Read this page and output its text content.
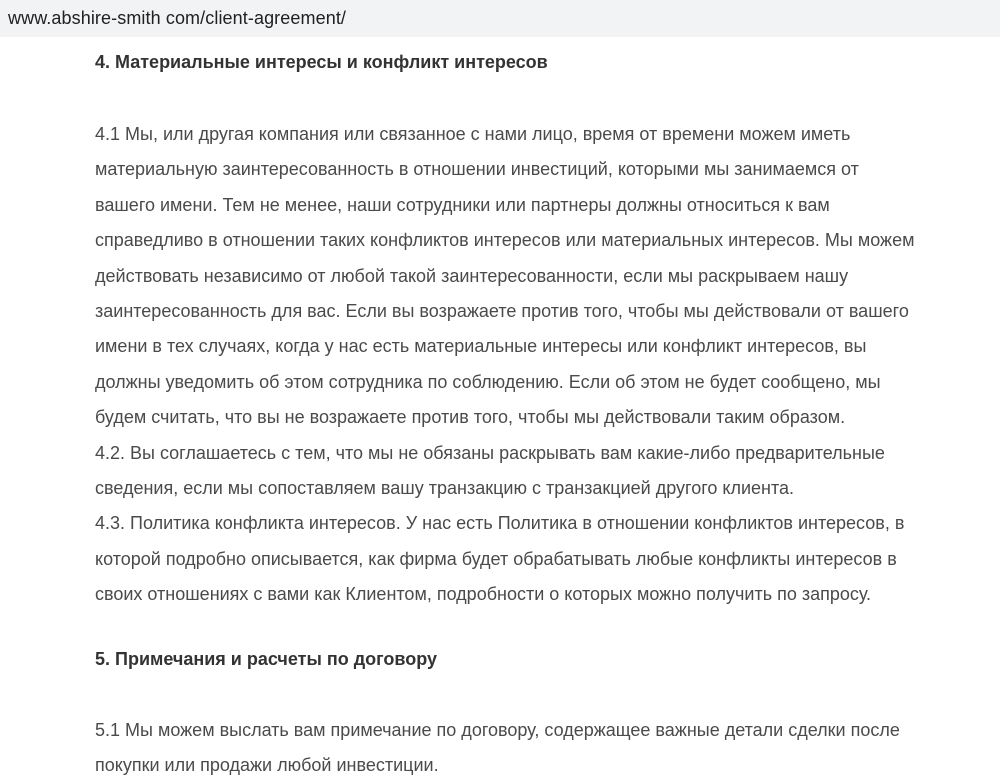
www.abshire-smith com/client-agreement/
4. Материальные интересы и конфликт интересов

4.1 Мы, или другая компания или связанное с нами лицо, время от времени можем иметь
материальную заинтересованность в отношении инвестиций, которыми мы занимаемся от
вашего имени. Тем не менее, наши сотрудники или партнеры должны относиться к вам
справедливо в отношении таких конфликтов интересов или материальных интересов. Мы можем
действовать независимо от любой такой заинтересованности, если мы раскрываем нашу
заинтересованность для вас. Если вы возражаете против того, чтобы мы действовали от вашего
имени в тех случаях, когда у нас есть материальные интересы или конфликт интересов, вы
должны уведомить об этом сотрудника по соблюдению. Если об этом не будет сообщено, мы
будем считать, что вы не возражаете против того, чтобы мы действовали таким образом.
4.2. Вы соглашаетесь с тем, что мы не обязаны раскрывать вам какие-либо предварительные
сведения, если мы сопоставляем вашу транзакцию с транзакцией другого клиента.
4.3. Политика конфликта интересов. У нас есть Политика в отношении конфликтов интересов, в
которой подробно описывается, как фирма будет обрабатывать любые конфликты интересов в
своих отношениях с вами как Клиентом, подробности о которых можно получить по запросу.

5. Примечания и расчеты по договору

5.1 Мы можем выслать вам примечание по договору, содержащее важные детали сделки после
покупки или продажи любой инвестиции.
